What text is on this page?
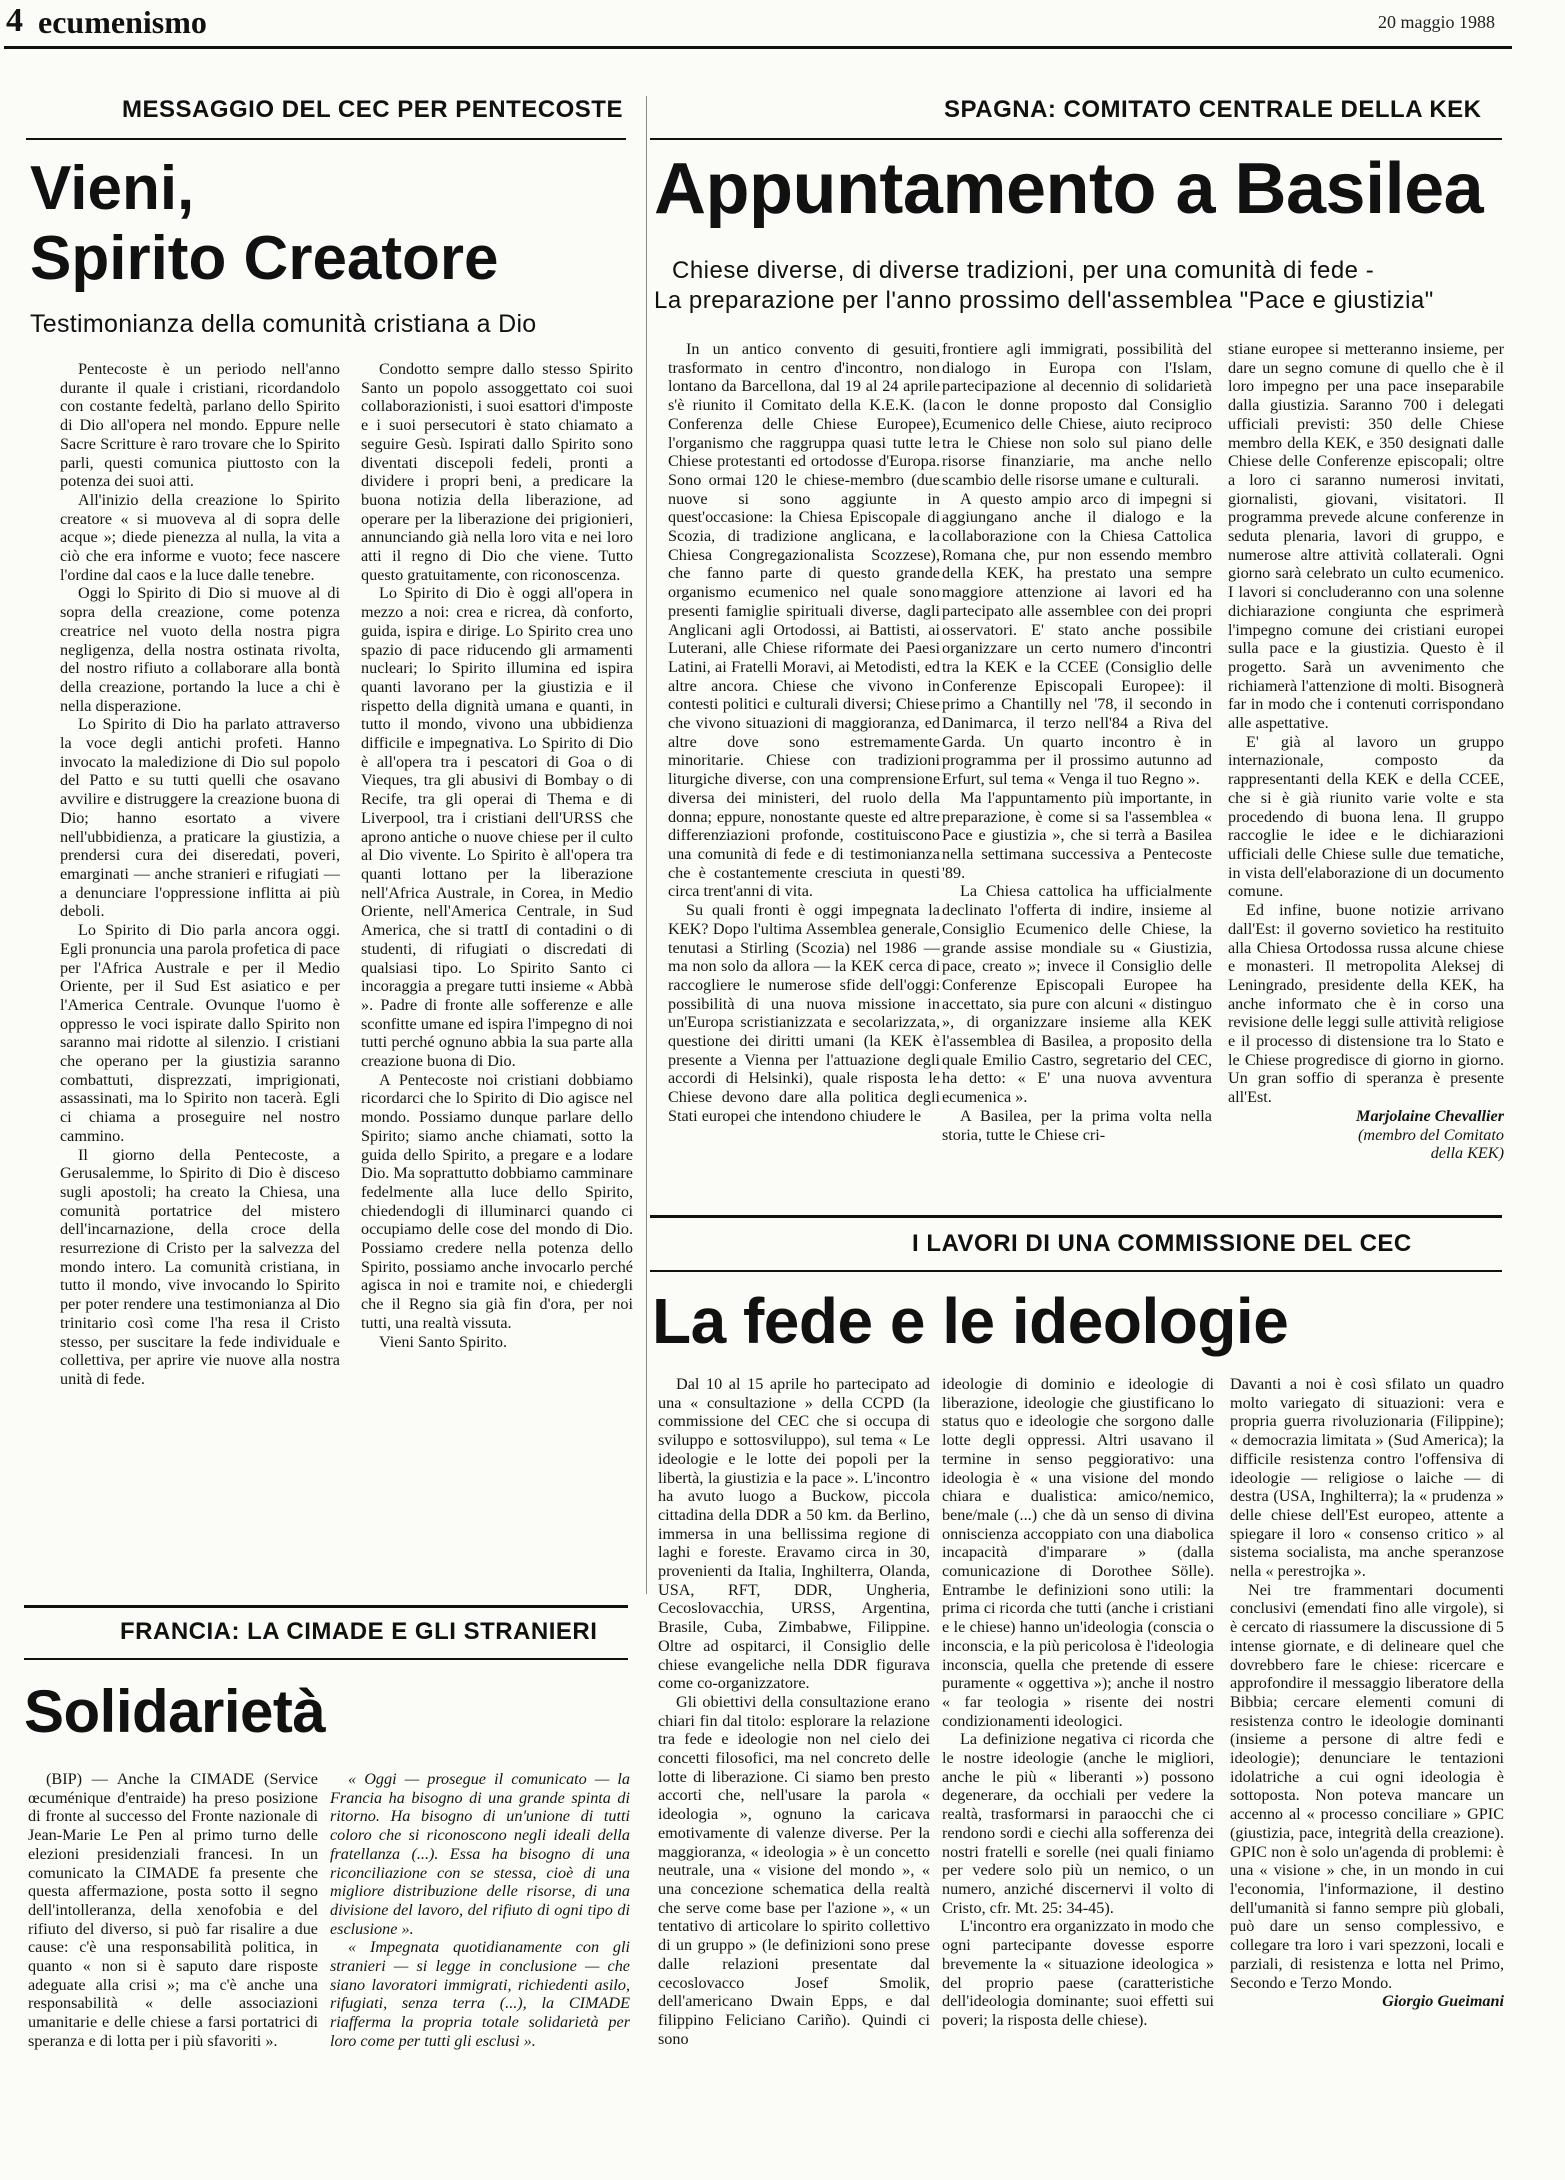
4 ecumenismo	20 maggio 1988
MESSAGGIO DEL CEC PER PENTECOSTE
Vieni,
Spirito Creatore
Testimonianza della comunità cristiana a Dio

Pentecoste è un periodo nell'anno durante il quale i cristiani, ricordandolo con costante fedeltà, parlano dello Spirito di Dio all'opera nel mondo. Eppure nelle Sacre Scritture è raro trovare che lo Spirito parli, questi comunica piuttosto con la potenza dei suoi atti.

All'inizio della creazione lo Spirito creatore « si muoveva al di sopra delle acque »; diede pienezza al nulla, la vita a ciò che era informe e vuoto; fece nascere l'ordine dal caos e la luce dalle tenebre.

Oggi lo Spirito di Dio si muove al di sopra della creazione, come potenza creatrice nel vuoto della nostra pigra negligenza, della nostra ostinata rivolta, del nostro rifiuto a collaborare alla bontà della creazione, portando la luce a chi è nella disperazione.

Lo Spirito di Dio ha parlato attraverso la voce degli antichi profeti. Hanno invocato la maledizione di Dio sul popolo del Patto e su tutti quelli che osavano avvilire e distruggere la creazione buona di Dio; hanno esortato a vivere nell'ubbidienza, a praticare la giustizia, a prendersi cura dei diseredati, poveri, emarginati — anche stranieri e rifugiati — a denunciare l'oppressione inflitta ai più deboli.

Lo Spirito di Dio parla ancora oggi. Egli pronuncia una parola profetica di pace per l'Africa Australe e per il Medio Oriente, per il Sud Est asiatico e per l'America Centrale. Ovunque l'uomo è oppresso le voci ispirate dallo Spirito non saranno mai ridotte al silenzio. I cristiani che operano per la giustizia saranno combattuti, disprezzati, imprigionati, assassinati, ma lo Spirito non tacerà. Egli ci chiama a proseguire nel nostro cammino.

Il giorno della Pentecoste, a Gerusalemme, lo Spirito di Dio è disceso sugli apostoli; ha creato la Chiesa, una comunità portatrice del mistero dell'incarnazione, della croce della resurrezione di Cristo per la salvezza del mondo intero. La comunità cristiana, in tutto il mondo, vive invocando lo Spirito per poter rendere una testimonianza al Dio trinitario così come l'ha resa il Cristo stesso, per suscitare la fede individuale e collettiva, per aprire vie nuove alla nostra unità di fede.

Condotto sempre dallo stesso Spirito Santo un popolo assoggettato coi suoi collaborazionisti, i suoi esattori d'imposte e i suoi persecutori è stato chiamato a seguire Gesù. Ispirati dallo Spirito sono diventati discepoli fedeli, pronti a dividere i propri beni, a predicare la buona notizia della liberazione, ad operare per la liberazione dei prigionieri, annunciando già nella loro vita e nei loro atti il regno di Dio che viene. Tutto questo gratuitamente, con riconoscenza.

Lo Spirito di Dio è oggi all'opera in mezzo a noi: crea e ricrea, dà conforto, guida, ispira e dirige. Lo Spirito crea uno spazio di pace riducendo gli armamenti nucleari; lo Spirito illumina ed ispira quanti lavorano per la giustizia e il rispetto della dignità umana e quanti, in tutto il mondo, vivono una ubbidienza difficile e impegnativa. Lo Spirito di Dio è all'opera tra i pescatori di Goa o di Vieques, tra gli abusivi di Bombay o di Recife, tra gli operai di Thema e di Liverpool, tra i cristiani dell'URSS che aprono antiche o nuove chiese per il culto al Dio vivente. Lo Spirito è all'opera tra quanti lottano per la liberazione nell'Africa Australe, in Corea, in Medio Oriente, nell'America Centrale, in Sud America, che si trattI di contadini o di studenti, di rifugiati o discredati di qualsiasi tipo. Lo Spirito Santo ci incoraggia a pregare tutti insieme « Abbà ». Padre di fronte alle sofferenze e alle sconfitte umane ed ispira l'impegno di noi tutti perché ognuno abbia la sua parte alla creazione buona di Dio.

A Pentecoste noi cristiani dobbiamo ricordarci che lo Spirito di Dio agisce nel mondo. Possiamo dunque parlare dello Spirito; siamo anche chiamati, sotto la guida dello Spirito, a pregare e a lodare Dio. Ma soprattutto dobbiamo camminare fedelmente alla luce dello Spirito, chiedendogli di illuminarci quando ci occupiamo delle cose del mondo di Dio. Possiamo credere nella potenza dello Spirito, possiamo anche invocarlo perché agisca in noi e tramite noi, e chiedergli che il Regno sia già fin d'ora, per noi tutti, una realtà vissuta.

Vieni Santo Spirito.

SPAGNA: COMITATO CENTRALE DELLA KEK
Appuntamento a Basilea
Chiese diverse, di diverse tradizioni, per una comunità di fede -
La preparazione per l'anno prossimo dell'assemblea "Pace e giustizia"

In un antico convento di gesuiti, trasformato in centro d'incontro, non lontano da Barcellona, dal 19 al 24 aprile s'è riunito il Comitato della K.E.K. (la Conferenza delle Chiese Europee), l'organismo che raggruppa quasi tutte le Chiese protestanti ed ortodosse d'Europa. Sono ormai 120 le chiese-membro (due nuove si sono aggiunte in quest'occasione: la Chiesa Episcopale di Scozia, di tradizione anglicana, e la Chiesa Congregazionalista Scozzese), che fanno parte di questo grande organismo ecumenico nel quale sono presenti famiglie spirituali diverse, dagli Anglicani agli Ortodossi, ai Battisti, ai Luterani, alle Chiese riformate dei Paesi Latini, ai Fratelli Moravi, ai Metodisti, ed altre ancora. Chiese che vivono in contesti politici e culturali diversi; Chiese che vivono situazioni di maggioranza, ed altre dove sono estremamente minoritarie. Chiese con tradizioni liturgiche diverse, con una comprensione diversa dei ministeri, del ruolo della donna; eppure, nonostante queste ed altre differenziazioni profonde, costituiscono una comunità di fede e di testimonianza che è costantemente cresciuta in questi circa trent'anni di vita.

Su quali fronti è oggi impegnata la KEK? Dopo l'ultima Assemblea generale, tenutasi a Stirling (Scozia) nel 1986 — ma non solo da allora — la KEK cerca di raccogliere le numerose sfide dell'oggi: possibilità di una nuova missione in un'Europa scristianizzata e secolarizzata, questione dei diritti umani (la KEK è presente a Vienna per l'attuazione degli accordi di Helsinki), quale risposta le Chiese devono dare alla politica degli Stati europei che intendono chiudere le

frontiere agli immigrati, possibilità del dialogo in Europa con l'Islam, partecipazione al decennio di solidarietà con le donne proposto dal Consiglio Ecumenico delle Chiese, aiuto reciproco tra le Chiese non solo sul piano delle risorse finanziarie, ma anche nello scambio delle risorse umane e culturali.

A questo ampio arco di impegni si aggiungano anche il dialogo e la collaborazione con la Chiesa Cattolica Romana che, pur non essendo membro della KEK, ha prestato una sempre maggiore attenzione ai lavori ed ha partecipato alle assemblee con dei propri osservatori. E' stato anche possibile organizzare un certo numero d'incontri tra la KEK e la CCEE (Consiglio delle Conferenze Episcopali Europee): il primo a Chantilly nel '78, il secondo in Danimarca, il terzo nell'84 a Riva del Garda. Un quarto incontro è in programma per il prossimo autunno ad Erfurt, sul tema « Venga il tuo Regno ».

Ma l'appuntamento più importante, in preparazione, è come si sa l'assemblea « Pace e giustizia », che si terrà a Basilea nella settimana successiva a Pentecoste '89.

La Chiesa cattolica ha ufficialmente declinato l'offerta di indire, insieme al Consiglio Ecumenico delle Chiese, la grande assise mondiale su « Giustizia, pace, creato »; invece il Consiglio delle Conferenze Episcopali Europee ha accettato, sia pure con alcuni « distinguo », di organizzare insieme alla KEK l'assemblea di Basilea, a proposito della quale Emilio Castro, segretario del CEC, ha detto: « E' una nuova avventura ecumenica ».

A Basilea, per la prima volta nella storia, tutte le Chiese cri-

stiane europee si metteranno insieme, per dare un segno comune di quello che è il loro impegno per una pace inseparabile dalla giustizia. Saranno 700 i delegati ufficiali previsti: 350 delle Chiese membro della KEK, e 350 designati dalle Chiese delle Conferenze episcopali; oltre a loro ci saranno numerosi invitati, giornalisti, giovani, visitatori. Il programma prevede alcune conferenze in seduta plenaria, lavori di gruppo, e numerose altre attività collaterali. Ogni giorno sarà celebrato un culto ecumenico. I lavori si concluderanno con una solenne dichiarazione congiunta che esprimerà l'impegno comune dei cristiani europei sulla pace e la giustizia. Questo è il progetto. Sarà un avvenimento che richiamerà l'attenzione di molti. Bisognerà far in modo che i contenuti corrispondano alle aspettative.

E' già al lavoro un gruppo internazionale, composto da rappresentanti della KEK e della CCEE, che si è già riunito varie volte e sta procedendo di buona lena. Il gruppo raccoglie le idee e le dichiarazioni ufficiali delle Chiese sulle due tematiche, in vista dell'elaborazione di un documento comune.

Ed infine, buone notizie arrivano dall'Est: il governo sovietico ha restituito alla Chiesa Ortodossa russa alcune chiese e monasteri. Il metropolita Aleksej di Leningrado, presidente della KEK, ha anche informato che è in corso una revisione delle leggi sulle attività religiose e il processo di distensione tra lo Stato e le Chiese progredisce di giorno in giorno. Un gran soffio di speranza è presente all'Est.

Marjolaine Chevallier

(membro del Comitato

della KEK)

I LAVORI DI UNA COMMISSIONE DEL CEC
La fede e le ideologie

Dal 10 al 15 aprile ho partecipato ad una « consultazione » della CCPD (la commissione del CEC che si occupa di sviluppo e sottosviluppo), sul tema « Le ideologie e le lotte dei popoli per la libertà, la giustizia e la pace ». L'incontro ha avuto luogo a Buckow, piccola cittadina della DDR a 50 km. da Berlino, immersa in una bellissima regione di laghi e foreste. Eravamo circa in 30, provenienti da Italia, Inghilterra, Olanda, USA, RFT, DDR, Ungheria, Cecoslovacchia, URSS, Argentina, Brasile, Cuba, Zimbabwe, Filippine. Oltre ad ospitarci, il Consiglio delle chiese evangeliche nella DDR figurava come co-organizzatore.

Gli obiettivi della consultazione erano chiari fin dal titolo: esplorare la relazione tra fede e ideologie non nel cielo dei concetti filosofici, ma nel concreto delle lotte di liberazione. Ci siamo ben presto accorti che, nell'usare la parola « ideologia », ognuno la caricava emotivamente di valenze diverse. Per la maggioranza, « ideologia » è un concetto neutrale, una « visione del mondo », « una concezione schematica della realtà che serve come base per l'azione », « un tentativo di articolare lo spirito collettivo di un gruppo » (le definizioni sono prese dalle relazioni presentate dal cecoslovacco Josef Smolik, dell'americano Dwain Epps, e dal filippino Feliciano Cariño). Quindi ci sono

ideologie di dominio e ideologie di liberazione, ideologie che giustificano lo status quo e ideologie che sorgono dalle lotte degli oppressi. Altri usavano il termine in senso peggiorativo: una ideologia è « una visione del mondo chiara e dualistica: amico/nemico, bene/male (...) che dà un senso di divina onniscienza accoppiato con una diabolica incapacità d'imparare » (dalla comunicazione di Dorothee Sölle). Entrambe le definizioni sono utili: la prima ci ricorda che tutti (anche i cristiani e le chiese) hanno un'ideologia (conscia o inconscia, e la più pericolosa è l'ideologia inconscia, quella che pretende di essere puramente « oggettiva »); anche il nostro « far teologia » risente dei nostri condizionamenti ideologici.

La definizione negativa ci ricorda che le nostre ideologie (anche le migliori, anche le più « liberanti ») possono degenerare, da occhiali per vedere la realtà, trasformarsi in paraocchi che ci rendono sordi e ciechi alla sofferenza dei nostri fratelli e sorelle (nei quali finiamo per vedere solo più un nemico, o un numero, anziché discernervi il volto di Cristo, cfr. Mt. 25: 34-45).

L'incontro era organizzato in modo che ogni partecipante dovesse esporre brevemente la « situazione ideologica » del proprio paese (caratteristiche dell'ideologia dominante; suoi effetti sui poveri; la risposta delle chiese).

Davanti a noi è così sfilato un quadro molto variegato di situazioni: vera e propria guerra rivoluzionaria (Filippine); « democrazia limitata » (Sud America); la difficile resistenza contro l'offensiva di ideologie — religiose o laiche — di destra (USA, Inghilterra); la « prudenza » delle chiese dell'Est europeo, attente a spiegare il loro « consenso critico » al sistema socialista, ma anche speranzose nella « perestrojka ».

Nei tre frammentari documenti conclusivi (emendati fino alle virgole), si è cercato di riassumere la discussione di 5 intense giornate, e di delineare quel che dovrebbero fare le chiese: ricercare e approfondire il messaggio liberatore della Bibbia; cercare elementi comuni di resistenza contro le ideologie dominanti (insieme a persone di altre fedi e ideologie); denunciare le tentazioni idolatriche a cui ogni ideologia è sottoposta. Non poteva mancare un accenno al « processo conciliare » GPIC (giustizia, pace, integrità della creazione). GPIC non è solo un'agenda di problemi: è una « visione » che, in un mondo in cui l'economia, l'informazione, il destino dell'umanità si fanno sempre più globali, può dare un senso complessivo, e collegare tra loro i vari spezzoni, locali e parziali, di resistenza e lotta nel Primo, Secondo e Terzo Mondo.

Giorgio Gueimani

FRANCIA: LA CIMADE E GLI STRANIERI
Solidarietà

(BIP) — Anche la CIMADE (Service œcuménique d'entraide) ha preso posizione di fronte al successo del Fronte nazionale di Jean-Marie Le Pen al primo turno delle elezioni presidenziali francesi. In un comunicato la CIMADE fa presente che questa affermazione, posta sotto il segno dell'intolleranza, della xenofobia e del rifiuto del diverso, si può far risalire a due cause: c'è una responsabilità politica, in quanto « non si è saputo dare risposte adeguate alla crisi »; ma c'è anche una responsabilità « delle associazioni umanitarie e delle chiese a farsi portatrici di speranza e di lotta per i più sfavoriti ».

« Oggi — prosegue il comunicato — la Francia ha bisogno di una grande spinta di ritorno. Ha bisogno di un'unione di tutti coloro che si riconoscono negli ideali della fratellanza (...). Essa ha bisogno di una riconciliazione con se stessa, cioè di una migliore distribuzione delle risorse, di una divisione del lavoro, del rifiuto di ogni tipo di esclusione ».

« Impegnata quotidianamente con gli stranieri — si legge in conclusione — che siano lavoratori immigrati, richiedenti asilo, rifugiati, senza terra (...), la CIMADE riafferma la propria totale solidarietà per loro come per tutti gli esclusi ».
